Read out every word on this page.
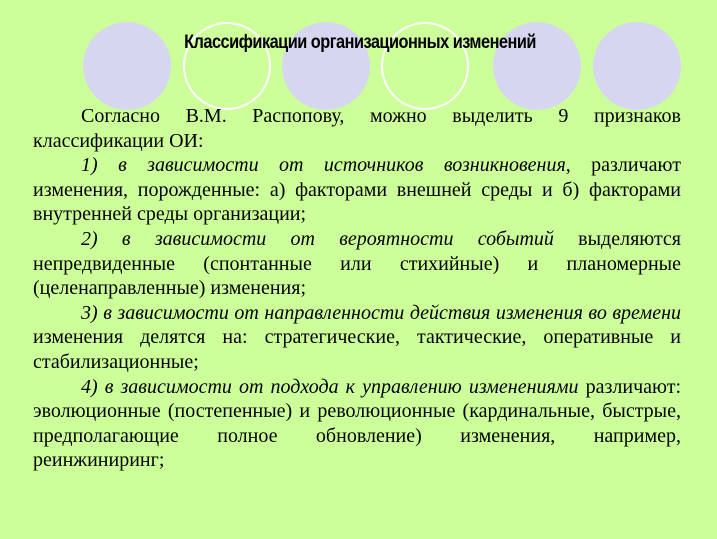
Классификации организационных изменений

Согласно В.М. Распопову, можно выделить 9 признаков классификации ОИ:

1) в зависимости от источников возникновения, различают изменения, порожденные: а) факторами внешней среды и б) факторами внутренней среды организации;

2) в зависимости от вероятности событий выделяются непредвиденные (спонтанные или стихийные) и планомерные (целенаправленные) изменения;

3) в зависимости от направленности действия изменения во времени изменения делятся на: стратегические, тактические, оперативные и стабилизационные;

4) в зависимости от подхода к управлению изменениями различают: эволюционные (постепенные) и революционные (кардинальные, быстрые, предполагающие полное обновление) изменения, например, реинжиниринг;
